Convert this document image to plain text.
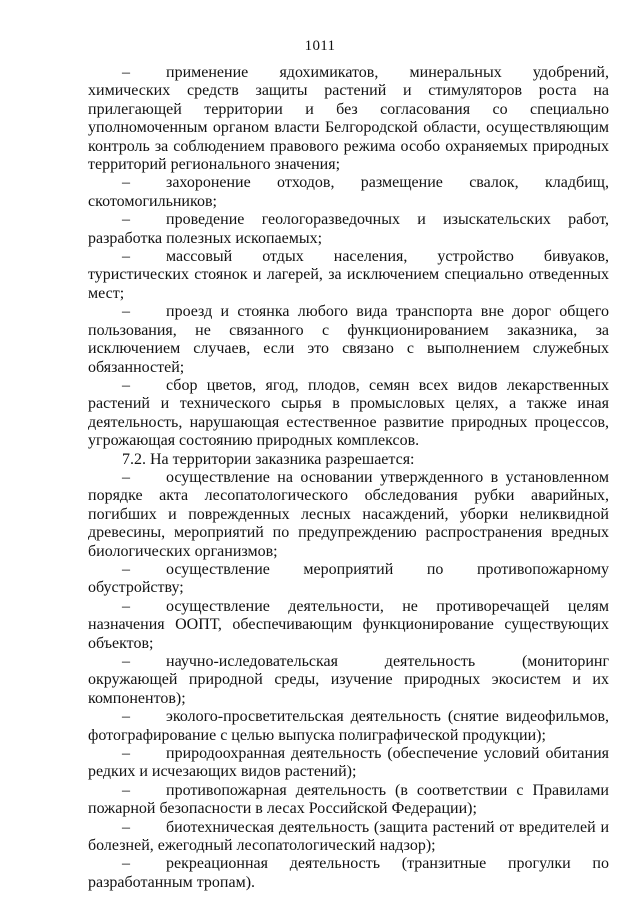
1011

– применение ядохимикатов, минеральных удобрений, химических средств защиты растений и стимуляторов роста на прилегающей территории и без согласования со специально уполномоченным органом власти Белгородской области, осуществляющим контроль за соблюдением правового режима особо охраняемых природных территорий регионального значения;

– захоронение отходов, размещение свалок, кладбищ, скотомогильников;

– проведение геологоразведочных и изыскательских работ, разработка полезных ископаемых;

– массовый отдых населения, устройство бивуаков, туристических стоянок и лагерей, за исключением специально отведенных мест;

– проезд и стоянка любого вида транспорта вне дорог общего пользования, не связанного с функционированием заказника, за исключением случаев, если это связано с выполнением служебных обязанностей;

– сбор цветов, ягод, плодов, семян всех видов лекарственных растений и технического сырья в промысловых целях, а также иная деятельность, нарушающая естественное развитие природных процессов, угрожающая состоянию природных комплексов.

7.2. На территории заказника разрешается:

– осуществление на основании утвержденного в установленном порядке акта лесопатологического обследования рубки аварийных, погибших и поврежденных лесных насаждений, уборки неликвидной древесины, мероприятий по предупреждению распространения вредных биологических организмов;

– осуществление мероприятий по противопожарному обустройству;

– осуществление деятельности, не противоречащей целям назначения ООПТ, обеспечивающим функционирование существующих объектов;

– научно-иследовательская деятельность (мониторинг окружающей природной среды, изучение природных экосистем и их компонентов);

– эколого-просветительская деятельность (снятие видеофильмов, фотографирование с целью выпуска полиграфической продукции);

– природоохранная деятельность (обеспечение условий обитания редких и исчезающих видов растений);

– противопожарная деятельность (в соответствии с Правилами пожарной безопасности в лесах Российской Федерации);

– биотехническая деятельность (защита растений от вредителей и болезней, ежегодный лесопатологический надзор);

– рекреационная деятельность (транзитные прогулки по разработанным тропам).
